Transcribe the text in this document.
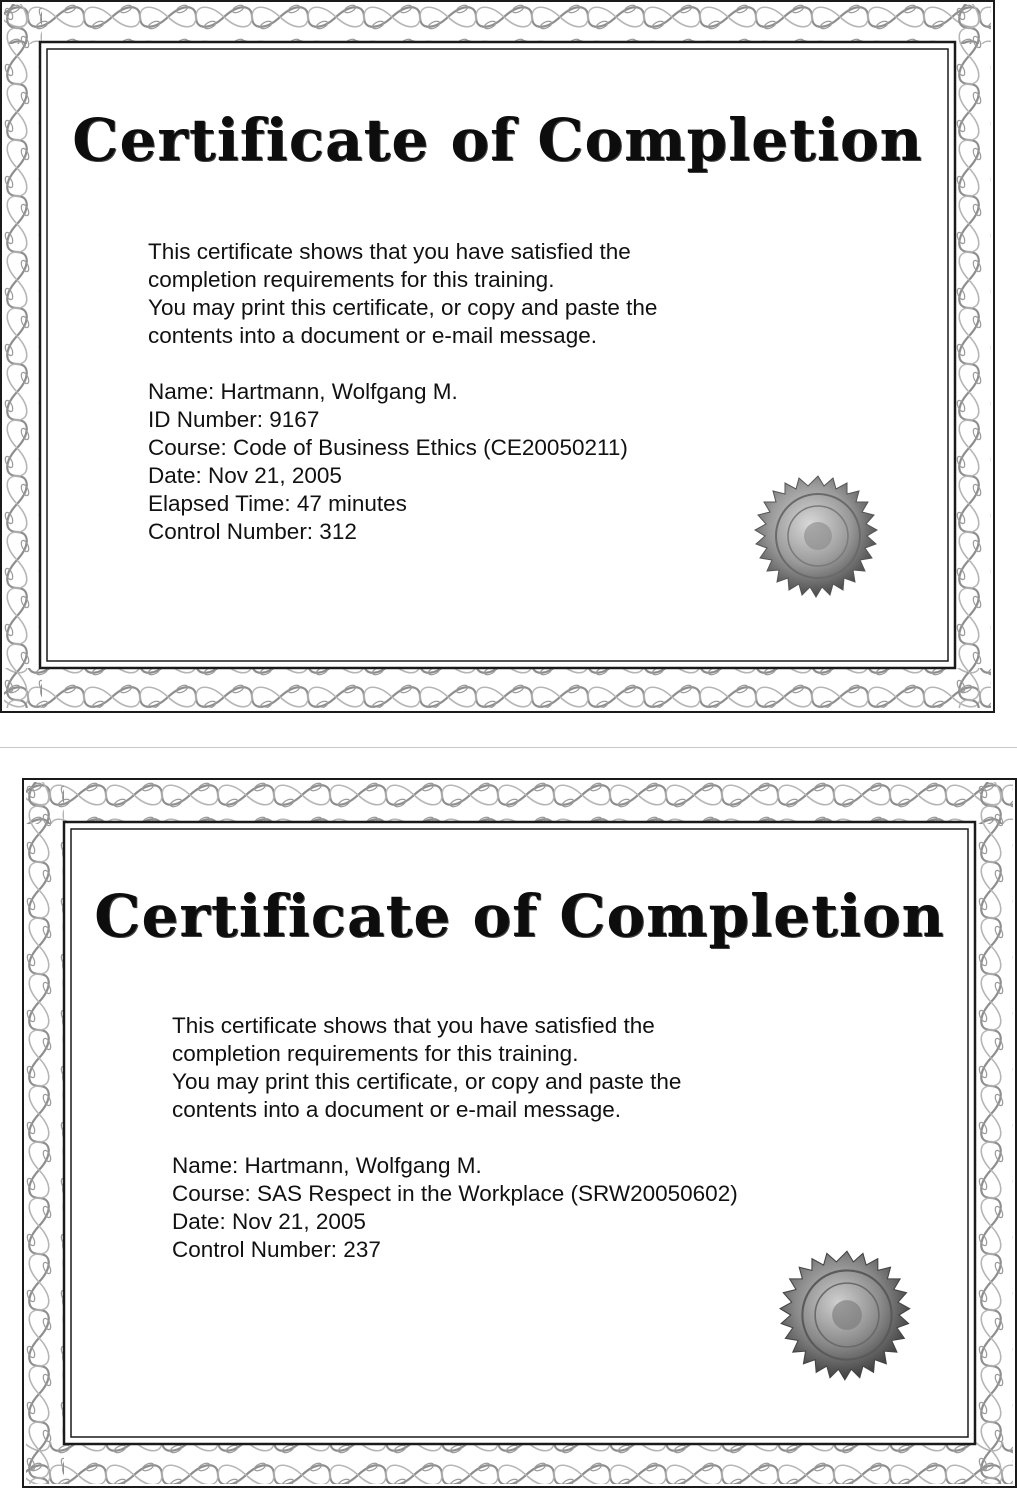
Certificate of Completion

This certificate shows that you have satisfied the

completion requirements for this training.

You may print this certificate, or copy and paste the

contents into a document or e-mail message.

Name: Hartmann, Wolfgang M.

ID Number: 9167

Course: Code of Business Ethics (CE20050211)

Date: Nov 21, 2005

Elapsed Time: 47 minutes

Control Number: 312

Certificate of Completion

This certificate shows that you have satisfied the

completion requirements for this training.

You may print this certificate, or copy and paste the

contents into a document or e-mail message.

Name: Hartmann, Wolfgang M.

Course: SAS Respect in the Workplace (SRW20050602)

Date: Nov 21, 2005

Control Number: 237
